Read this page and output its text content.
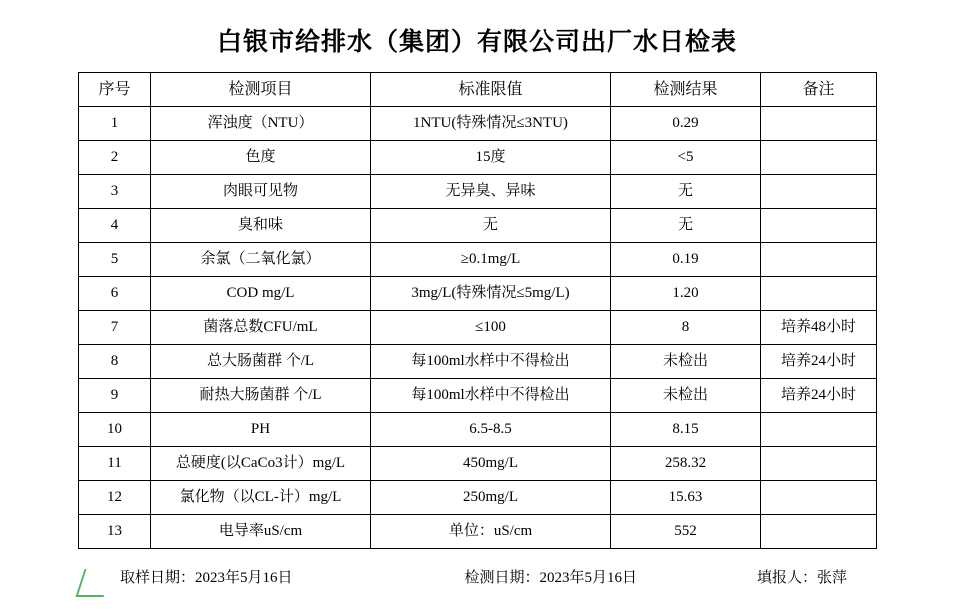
白银市给排水（集团）有限公司出厂水日检表
序号	检测项目	标准限值	检测结果	备注
1	浑浊度（NTU）	1NTU(特殊情况≤3NTU)	0.29	
2	色度	15度	<5	
3	肉眼可见物	无异臭、异味	无	
4	臭和味	无	无	
5	余氯（二氧化氯）	≥0.1mg/L	0.19	
6	COD mg/L	3mg/L(特殊情况≤5mg/L)	1.20	
7	菌落总数CFU/mL	≤100	8	培养48小时
8	总大肠菌群 个/L	每100ml水样中不得检出	未检出	培养24小时
9	耐热大肠菌群 个/L	每100ml水样中不得检出	未检出	培养24小时
10	PH	6.5-8.5	8.15	
11	总硬度(以CaCo3计）mg/L	450mg/L	258.32	
12	氯化物（以CL-计）mg/L	250mg/L	15.63	
13	电导率uS/cm	单位：uS/cm	552	
取样日期：2023年5月16日	检测日期：2023年5月16日	填报人：张萍
